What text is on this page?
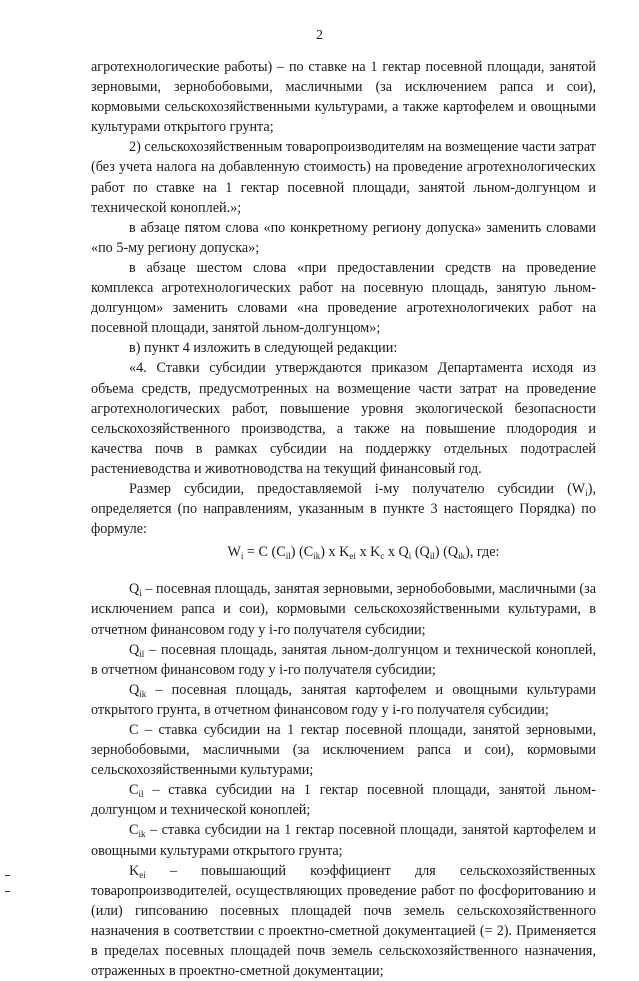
2

агротехнологические работы) – по ставке на 1 гектар посевной площади, занятой зерновыми, зернобобовыми, масличными (за исключением рапса и сои), кормовыми сельскохозяйственными культурами, а также картофелем и овощными культурами открытого грунта;

2) сельскохозяйственным товаропроизводителям на возмещение части затрат (без учета налога на добавленную стоимость) на проведение агротехнологических работ по ставке на 1 гектар посевной площади, занятой льном-долгунцом и технической коноплей.»;

в абзаце пятом слова «по конкретному региону допуска» заменить словами «по 5-му региону допуска»;

в абзаце шестом слова «при предоставлении средств на проведение комплекса агротехнологических работ на посевную площадь, занятую льном-долгунцом» заменить словами «на проведение агротехнологичеких работ на посевной площади, занятой льном-долгунцом»;

в) пункт 4 изложить в следующей редакции:

«4. Ставки субсидии утверждаются приказом Департамента исходя из объема средств, предусмотренных на возмещение части затрат на проведение агротехнологических работ, повышение уровня экологической безопасности сельскохозяйственного производства, а также на повышение плодородия и качества почв в рамках субсидии на поддержку отдельных подотраслей растениеводства и животноводства на текущий финансовый год.

Размер субсидии, предоставляемой i-му получателю субсидии $(W_i)$, определяется (по направлениям, указанным в пункте 3 настоящего Порядка) по формуле:

$W_i = C$ $(C_{il})$ $(C_{ik})$ x $K_{ei}$ x $K_c$ x $Q_i$ $(Q_{il})$ $(Q_{ik})$, где:

$Q_i$ – посевная площадь, занятая зерновыми, зернобобовыми, масличными (за исключением рапса и сои), кормовыми сельскохозяйственными культурами, в отчетном финансовом году у i-го получателя субсидии;

$Q_{il}$ – посевная площадь, занятая льном-долгунцом и технической коноплей, в отчетном финансовом году у i-го получателя субсидии;

$Q_{ik}$ – посевная площадь, занятая картофелем и овощными культурами открытого грунта, в отчетном финансовом году у i-го получателя субсидии;

C – ставка субсидии на 1 гектар посевной площади, занятой зерновыми, зернобобовыми, масличными (за исключением рапса и сои), кормовыми сельскохозяйственными культурами;

$C_{il}$ – ставка субсидии на 1 гектар посевной площади, занятой льном-долгунцом и технической коноплей;

$C_{ik}$ – ставка субсидии на 1 гектар посевной площади, занятой картофелем и овощными культурами открытого грунта;

$K_{ei}$ – повышающий коэффициент для сельскохозяйственных товаропроизводителей, осуществляющих проведение работ по фосфоритованию и (или) гипсованию посевных площадей почв земель сельскохозяйственного назначения в соответствии с проектно-сметной документацией (= 2). Применяется в пределах посевных площадей почв земель сельскохозяйственного назначения, отраженных в проектно-сметной документации;
